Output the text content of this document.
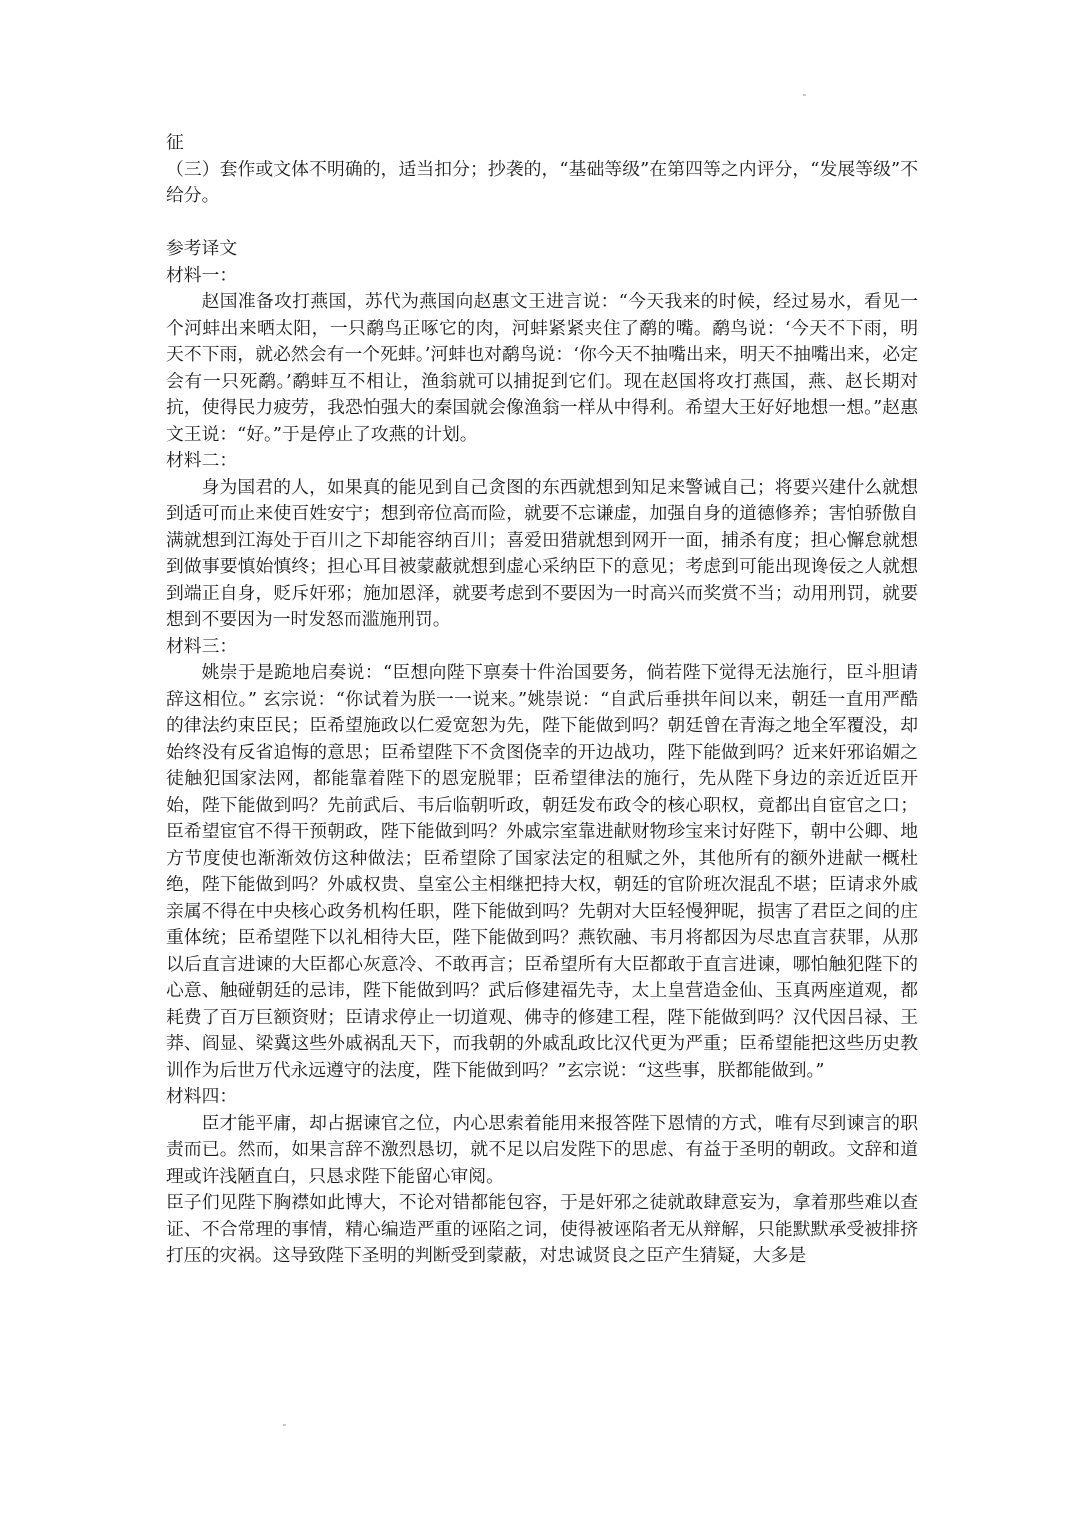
征

（三）套作或文体不明确的，适当扣分；抄袭的，“基础等级”在第四等之内评分，“发展等级”不给分。

参考译文

材料一：

赵国准备攻打燕国，苏代为燕国向赵惠文王进言说：“今天我来的时候，经过易水，看见一个河蚌出来晒太阳，一只鹬鸟正啄它的肉，河蚌紧紧夹住了鹬的嘴。鹬鸟说：‘今天不下雨，明天不下雨，就必然会有一个死蚌。’河蚌也对鹬鸟说：‘你今天不抽嘴出来，明天不抽嘴出来，必定会有一只死鹬。’鹬蚌互不相让，渔翁就可以捕捉到它们。现在赵国将攻打燕国，燕、赵长期对抗，使得民力疲劳，我恐怕强大的秦国就会像渔翁一样从中得利。希望大王好好地想一想。”赵惠文王说：“好。”于是停止了攻燕的计划。

材料二：

身为国君的人，如果真的能见到自己贪图的东西就想到知足来警诫自己；将要兴建什么就想到适可而止来使百姓安宁；想到帝位高而险，就要不忘谦虚，加强自身的道德修养；害怕骄傲自满就想到江海处于百川之下却能容纳百川；喜爱田猎就想到网开一面，捕杀有度；担心懈怠就想到做事要慎始慎终；担心耳目被蒙蔽就想到虚心采纳臣下的意见；考虑到可能出现谗佞之人就想到端正自身，贬斥奸邪；施加恩泽，就要考虑到不要因为一时高兴而奖赏不当；动用刑罚，就要想到不要因为一时发怒而滥施刑罚。

材料三：

姚崇于是跪地启奏说：“臣想向陛下禀奏十件治国要务，倘若陛下觉得无法施行，臣斗胆请辞这相位。” 玄宗说：“你试着为朕一一说来。”姚崇说：“自武后垂拱年间以来，朝廷一直用严酷的律法约束臣民；臣希望施政以仁爱宽恕为先，陛下能做到吗？朝廷曾在青海之地全军覆没，却始终没有反省追悔的意思；臣希望陛下不贪图侥幸的开边战功，陛下能做到吗？近来奸邪谄媚之徒触犯国家法网，都能靠着陛下的恩宠脱罪；臣希望律法的施行，先从陛下身边的亲近近臣开始，陛下能做到吗？先前武后、韦后临朝听政，朝廷发布政令的核心职权，竟都出自宦官之口；臣希望宦官不得干预朝政，陛下能做到吗？外戚宗室靠进献财物珍宝来讨好陛下，朝中公卿、地方节度使也渐渐效仿这种做法；臣希望除了国家法定的租赋之外，其他所有的额外进献一概杜绝，陛下能做到吗？外戚权贵、皇室公主相继把持大权，朝廷的官阶班次混乱不堪；臣请求外戚亲属不得在中央核心政务机构任职，陛下能做到吗？先朝对大臣轻慢狎昵，损害了君臣之间的庄重体统；臣希望陛下以礼相待大臣，陛下能做到吗？燕钦融、韦月将都因为尽忠直言获罪，从那以后直言进谏的大臣都心灰意冷、不敢再言；臣希望所有大臣都敢于直言进谏，哪怕触犯陛下的心意、触碰朝廷的忌讳，陛下能做到吗？武后修建福先寺，太上皇营造金仙、玉真两座道观，都耗费了百万巨额资财；臣请求停止一切道观、佛寺的修建工程，陛下能做到吗？汉代因吕禄、王莽、阎显、梁冀这些外戚祸乱天下，而我朝的外戚乱政比汉代更为严重；臣希望能把这些历史教训作为后世万代永远遵守的法度，陛下能做到吗？”玄宗说：“这些事，朕都能做到。”

材料四：

臣才能平庸，却占据谏官之位，内心思索着能用来报答陛下恩情的方式，唯有尽到谏言的职责而已。然而，如果言辞不激烈恳切，就不足以启发陛下的思虑、有益于圣明的朝政。文辞和道理或许浅陋直白，只恳求陛下能留心审阅。

臣子们见陛下胸襟如此博大，不论对错都能包容，于是奸邪之徒就敢肆意妄为，拿着那些难以查证、不合常理的事情，精心编造严重的诬陷之词，使得被诬陷者无从辩解，只能默默承受被排挤打压的灾祸。这导致陛下圣明的判断受到蒙蔽，对忠诚贤良之臣产生猜疑，大多是
